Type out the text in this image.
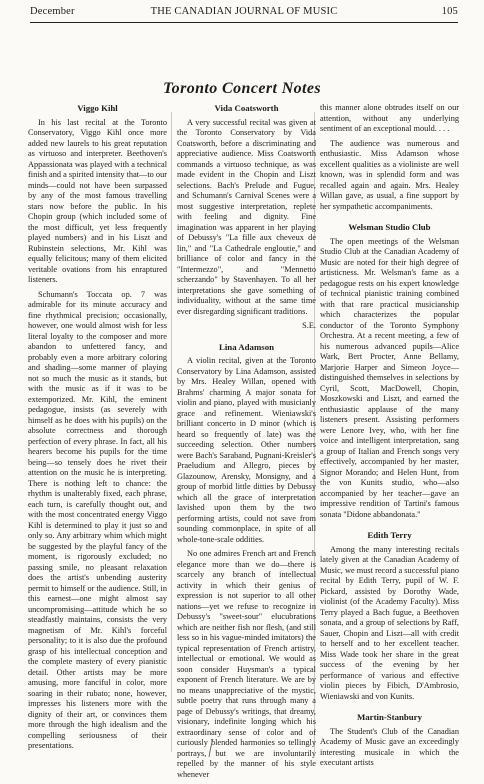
December	THE CANADIAN JOURNAL OF MUSIC	105
Toronto Concert Notes
Viggo Kihl

In his last recital at the Toronto Conservatory, Viggo Kihl once more added new laurels to his great reputation as virtuoso and interpreter. Beethoven's Appassionata was played with a technical finish and a spirited intensity that—to our minds—could not have been surpassed by any of the most famous travelling stars now before the public. In his Chopin group (which included some of the most difficult, yet less frequently played numbers) and in his Liszt and Rubinstein selections, Mr. Kihl was equally felicitous; many of them elicited veritable ovations from his enraptured listeners.

Schumann's Toccata op. 7 was admirable for its minute accuracy and fine rhythmical precision; occasionally, however, one would almost wish for less literal loyalty to the composer and more abandon to unfettered fancy, and probably even a more arbitrary coloring and shading—some manner of playing not so much the music as it stands, but with the music as if it was to be extemporized. Mr. Kihl, the eminent pedagogue, insists (as severely with himself as he does with his pupils) on the absolute correctness and thorough perfection of every phrase. In fact, all his hearers become his pupils for the time being—so tensely does he rivet their attention on the music he is interpreting. There is nothing left to chance: the rhythm is unalterably fixed, each phrase, each turn, is carefully thought out, and with the most concentrated energy Viggo Kihl is determined to play it just so and only so. Any arbitrary whim which might be suggested by the playful fancy of the moment, is rigorously excluded; no passing smile, no pleasant relaxation does the artist's unbending austerity permit to himself or the audience. Still, in this earnest—one might almost say uncompromising—attitude which he so steadfastly maintains, consists the very magnetism of Mr. Kihl's forceful personality; to it is also due the profound grasp of his intellectual conception and the complete mastery of every pianistic detail. Other artists may be more amusing, more fanciful in color, more soaring in their rubato; none, however, impresses his listeners more with the dignity of their art, or convinces them more through the high idealism and the compelling seriousness of their presentations.

Vida Coatsworth

A very successful recital was given at the Toronto Conservatory by Vida Coatsworth, before a discriminating and appreciative audience. Miss Coatsworth commands a virtuoso technique, as was made evident in the Chopin and Liszt selections. Bach's Prelude and Fugue, and Schumann's Carnival Scenes were a most suggestive interpretation, replete with feeling and dignity. Fine imagination was apparent in her playing of Debussy's "La fille aux cheveux de lin," and "La Cathedrale engloutie," and brilliance of color and fancy in the "Intermezzo", and "Mennetto scherzando" by Stavenhayen. To all her interpretations she gave something of individuality, without at the same time ever disregarding significant traditions.

S.E.

Lina Adamson

A violin recital, given at the Toronto Conservatory by Lina Adamson, assisted by Mrs. Healey Willan, opened with Brahms' charming A major sonata for violin and piano, played with musicianly grace and refinement. Wieniawski's brilliant concerto in D minor (which is heard so frequently of late) was the succeeding selection. Other numbers were Bach's Saraband, Pugnani-Kreisler's Praeludium and Allegro, pieces by Glazounow, Arensky, Monsigny, and a group of morbid little ditties by Debussy which all the grace of interpretation lavished upon them by the two performing artists, could not save from sounding commonplace, in spite of all whole-tone-scale oddities.

No one admires French art and French elegance more than we do—there is scarcely any branch of intellectual activity in which their genius of expression is not superior to all other nations—yet we refuse to recognize in Debussy's "sweet-sour" elucubrations which are neither fish nor flesh, (and still less so in his vague-minded imitators) the typical representation of French artistry, intellectual or emotional. We would as soon consider Huysman's a typical exponent of French literature. We are by no means unappreciative of the mystic, subtle poetry that runs through many a page of Debussy's writings, that dreamy, visionary, indefinite longing which his extraordinary sense of color and of curiously blended harmonies so tellingly portrays, but we are involuntarily repelled by the manner of his style whenever

this manner alone obtrudes itself on our attention, without any underlying sentiment of an exceptional mould. . . .

The audience was numerous and enthusiastic. Miss Adamson whose excellent qualities as a violiniste are well known, was in splendid form and was recalled again and again. Mrs. Healey Willan gave, as usual, a fine support by her sympathetic accompaniments.

Welsman Studio Club

The open meetings of the Welsman Studio Club at the Canadian Academy of Music are noted for their high degree of artisticness. Mr. Welsman's fame as a pedagogue rests on his expert knowledge of technical pianistic training combined with that rare practical musicianship which characterizes the popular conductor of the Toronto Symphony Orchestra. At a recent meeting, a few of his numerous advanced pupils—Alice Wark, Bert Procter, Anne Bellamy, Marjorie Harper and Simeon Joyce—distinguished themselves in selections by Cyril, Scott, MacDowell, Chopin, Moszkowski and Liszt, and earned the enthusiastic applause of the many listeners present. Assisting performers were Lenore Ivey, who, with her fine voice and intelligent interpretation, sang a group of Italian and French songs very effectively, accompanied by her master, Signor Morando; and Helen Hunt, from the von Kunits studio, who—also accompanied by her teacher—gave an impressive rendition of Tartini's famous sonata "Didone abbandonata."

Edith Terry

Among the many interesting recitals lately given at the Canadian Academy of Music, we must record a successful piano recital by Edith Terry, pupil of W. F. Pickard, assisted by Dorothy Wade, violinist (of the Academy Faculty). Miss Terry played a Bach fugue, a Beethoven sonata, and a group of selections by Raff, Sauer, Chopin and Liszt—all with credit to herself and to her excellent teacher. Miss Wade took her share in the great success of the evening by her performance of various and effective violin pieces by Fibich, D'Ambrosio, Wieniawski and von Kunits.

Martin-Stanbury

The Student's Club of the Canadian Academy of Music gave an exceedingly interesting musicale in which the executant artists
